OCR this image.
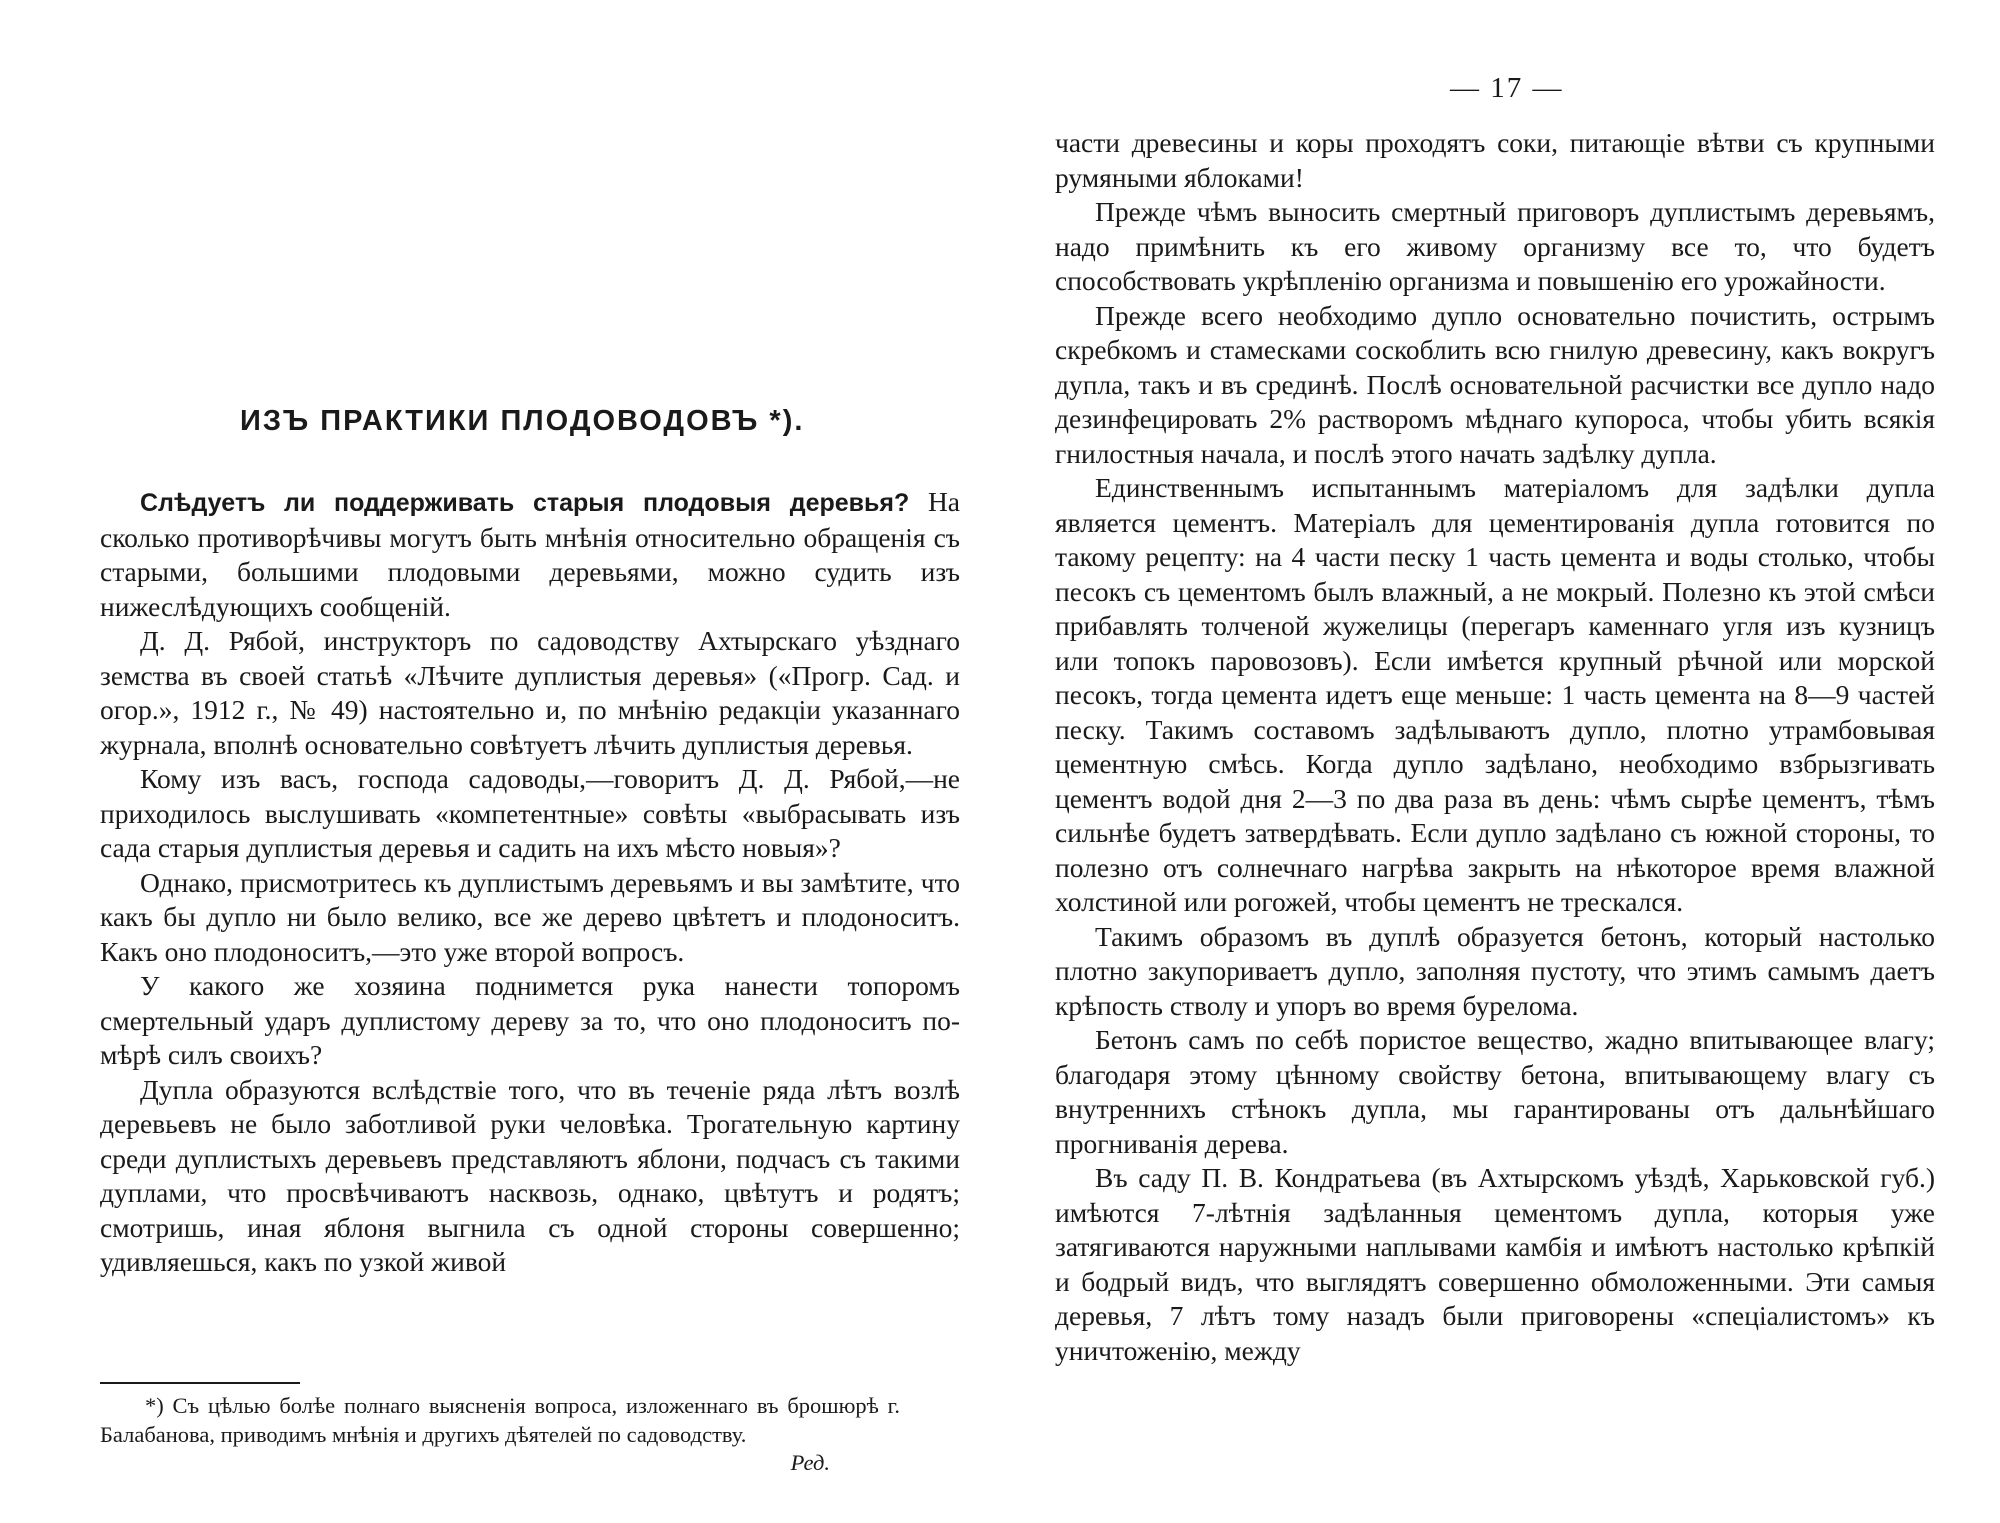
ИЗЪ ПРАКТИКИ ПЛОДОВОДОВЪ *).

Слѣдуетъ ли поддерживать старыя плодовыя деревья? На сколько противорѣчивы могутъ быть мнѣнія относительно обращенія съ старыми, большими плодовыми деревьями, можно судить изъ нижеслѣдующихъ сообщеній.

Д. Д. Рябой, инструкторъ по садоводству Ахтырскаго уѣзднаго земства въ своей статьѣ «Лѣчите дуплистыя деревья» («Прогр. Сад. и огор.», 1912 г., № 49) настоятельно и, по мнѣнію редакціи указаннаго журнала, вполнѣ основательно совѣтуетъ лѣчить дуплистыя деревья.

Кому изъ васъ, господа садоводы,—говоритъ Д. Д. Рябой,—не приходилось выслушивать «компетентные» совѣты «выбрасывать изъ сада старыя дуплистыя деревья и садить на ихъ мѣсто новыя»?

Однако, присмотритесь къ дуплистымъ деревьямъ и вы замѣтите, что какъ бы дупло ни было велико, все же дерево цвѣтетъ и плодоноситъ. Какъ оно плодоноситъ,—это уже второй вопросъ.

У какого же хозяина поднимется рука нанести топоромъ смертельный ударъ дуплистому дереву за то, что оно плодоноситъ по-мѣрѣ силъ своихъ?

Дупла образуются вслѣдствіе того, что въ теченіе ряда лѣтъ возлѣ деревьевъ не было заботливой руки человѣка. Трогательную картину среди дуплистыхъ деревьевъ представляютъ яблони, подчасъ съ такими дуплами, что просвѣчиваютъ насквозь, однако, цвѣтутъ и родятъ; смотришь, иная яблоня выгнила съ одной стороны совершенно; удивляешься, какъ по узкой живой

*) Съ цѣлью болѣе полнаго выясненія вопроса, изложеннаго въ брошюрѣ г. Балабанова, приводимъ мнѣнія и другихъ дѣятелей по садоводству.

Ред.

— 17 —

части древесины и коры проходятъ соки, питающіе вѣтви съ крупными румяными яблоками!

Прежде чѣмъ выносить смертный приговоръ дуплистымъ деревьямъ, надо примѣнить къ его живому организму все то, что будетъ способствовать укрѣпленію организма и повышенію его урожайности.

Прежде всего необходимо дупло основательно почистить, острымъ скребкомъ и стамесками соскоблить всю гнилую древесину, какъ вокругъ дупла, такъ и въ срединѣ. Послѣ основательной расчистки все дупло надо дезинфецировать 2% растворомъ мѣднаго купороса, чтобы убить всякія гнилостныя начала, и послѣ этого начать задѣлку дупла.

Единственнымъ испытаннымъ матеріаломъ для задѣлки дупла является цементъ. Матеріалъ для цементированія дупла готовится по такому рецепту: на 4 части песку 1 часть цемента и воды столько, чтобы песокъ съ цементомъ былъ влажный, а не мокрый. Полезно къ этой смѣси прибавлять толченой жужелицы (перегаръ каменнаго угля изъ кузницъ или топокъ паровозовъ). Если имѣется крупный рѣчной или морской песокъ, тогда цемента идетъ еще меньше: 1 часть цемента на 8—9 частей песку. Такимъ составомъ задѣлываютъ дупло, плотно утрамбовывая цементную смѣсь. Когда дупло задѣлано, необходимо взбрызгивать цементъ водой дня 2—3 по два раза въ день: чѣмъ сырѣе цементъ, тѣмъ сильнѣе будетъ затвердѣвать. Если дупло задѣлано съ южной стороны, то полезно отъ солнечнаго нагрѣва закрыть на нѣкоторое время влажной холстиной или рогожей, чтобы цементъ не трескался.

Такимъ образомъ въ дуплѣ образуется бетонъ, который настолько плотно закупориваетъ дупло, заполняя пустоту, что этимъ самымъ даетъ крѣпость стволу и упоръ во время бурелома.

Бетонъ самъ по себѣ пористое вещество, жадно впитывающее влагу; благодаря этому цѣнному свойству бетона, впитывающему влагу съ внутреннихъ стѣнокъ дупла, мы гарантированы отъ дальнѣйшаго прогниванія дерева.

Въ саду П. В. Кондратьева (въ Ахтырскомъ уѣздѣ, Харьковской губ.) имѣются 7-лѣтнія задѣланныя цементомъ дупла, которыя уже затягиваются наружными наплывами камбія и имѣютъ настолько крѣпкій и бодрый видъ, что выглядятъ совершенно обмоложенными. Эти самыя деревья, 7 лѣтъ тому назадъ были приговорены «спеціалистомъ» къ уничтоженію, между
